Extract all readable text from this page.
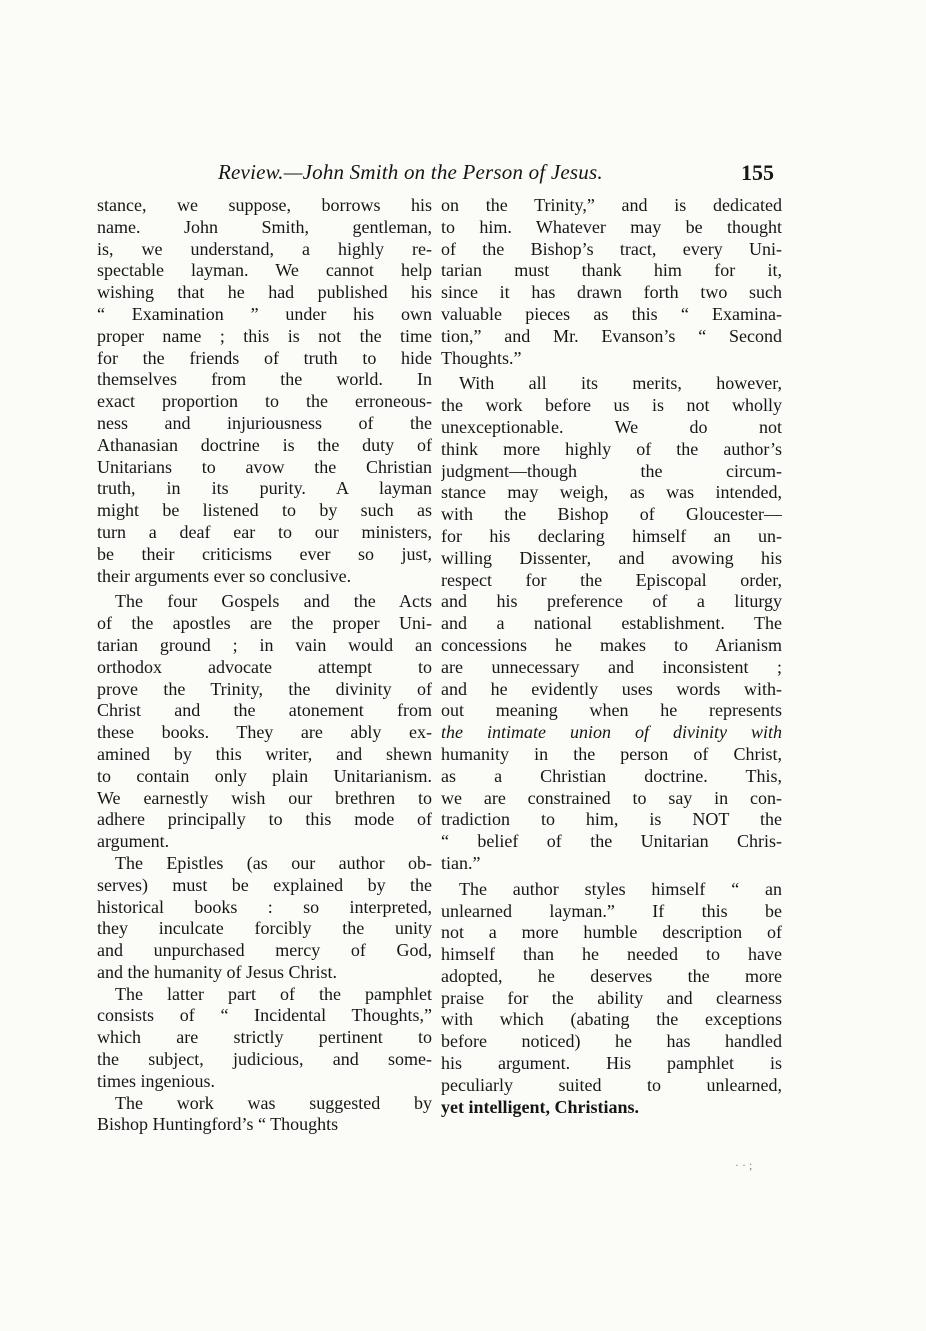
Review.—John Smith on the Person of Jesus.	155
stance, we suppose, borrows his
name. John Smith, gentleman,
is, we understand, a highly re-
spectable layman. We cannot help
wishing that he had published his
“ Examination ” under his own
proper name ; this is not the time
for the friends of truth to hide
themselves from the world. In
exact proportion to the erroneous-
ness and injuriousness of the
Athanasian doctrine is the duty of
Unitarians to avow the Christian
truth, in its purity. A layman
might be listened to by such as
turn a deaf ear to our ministers,
be their criticisms ever so just,
their arguments ever so conclusive.
The four Gospels and the Acts
of the apostles are the proper Uni-
tarian ground ; in vain would an
orthodox advocate attempt to
prove the Trinity, the divinity of
Christ and the atonement from
these books. They are ably ex-
amined by this writer, and shewn
to contain only plain Unitarianism.
We earnestly wish our brethren to
adhere principally to this mode of
argument.
The Epistles (as our author ob-
serves) must be explained by the
historical books : so interpreted,
they inculcate forcibly the unity
and unpurchased mercy of God,
and the humanity of Jesus Christ.
The latter part of the pamphlet
consists of “ Incidental Thoughts,”
which are strictly pertinent to
the subject, judicious, and some-
times ingenious.
The work was suggested by
Bishop Huntingford’s “ Thoughts
on the Trinity,” and is dedicated
to him. Whatever may be thought
of the Bishop’s tract, every Uni-
tarian must thank him for it,
since it has drawn forth two such
valuable pieces as this “ Examina-
tion,” and Mr. Evanson’s “ Second
Thoughts.”
With all its merits, however,
the work before us is not wholly
unexceptionable. We do not
think more highly of the author’s
judgment—though the circum-
stance may weigh, as was intended,
with the Bishop of Gloucester—
for his declaring himself an un-
willing Dissenter, and avowing his
respect for the Episcopal order,
and his preference of a liturgy
and a national establishment. The
concessions he makes to Arianism
are unnecessary and inconsistent ;
and he evidently uses words with-
out meaning when he represents
the intimate union of divinity with
humanity in the person of Christ,
as a Christian doctrine. This,
we are constrained to say in con-
tradiction to him, is NOT the
“ belief of the Unitarian Chris-
tian.”
The author styles himself “ an
unlearned layman.” If this be
not a more humble description of
himself than he needed to have
adopted, he deserves the more
praise for the ability and clearness
with which (abating the exceptions
before noticed) he has handled
his argument. His pamphlet is
peculiarly suited to unlearned,
yet intelligent, Christians.
· · ;
